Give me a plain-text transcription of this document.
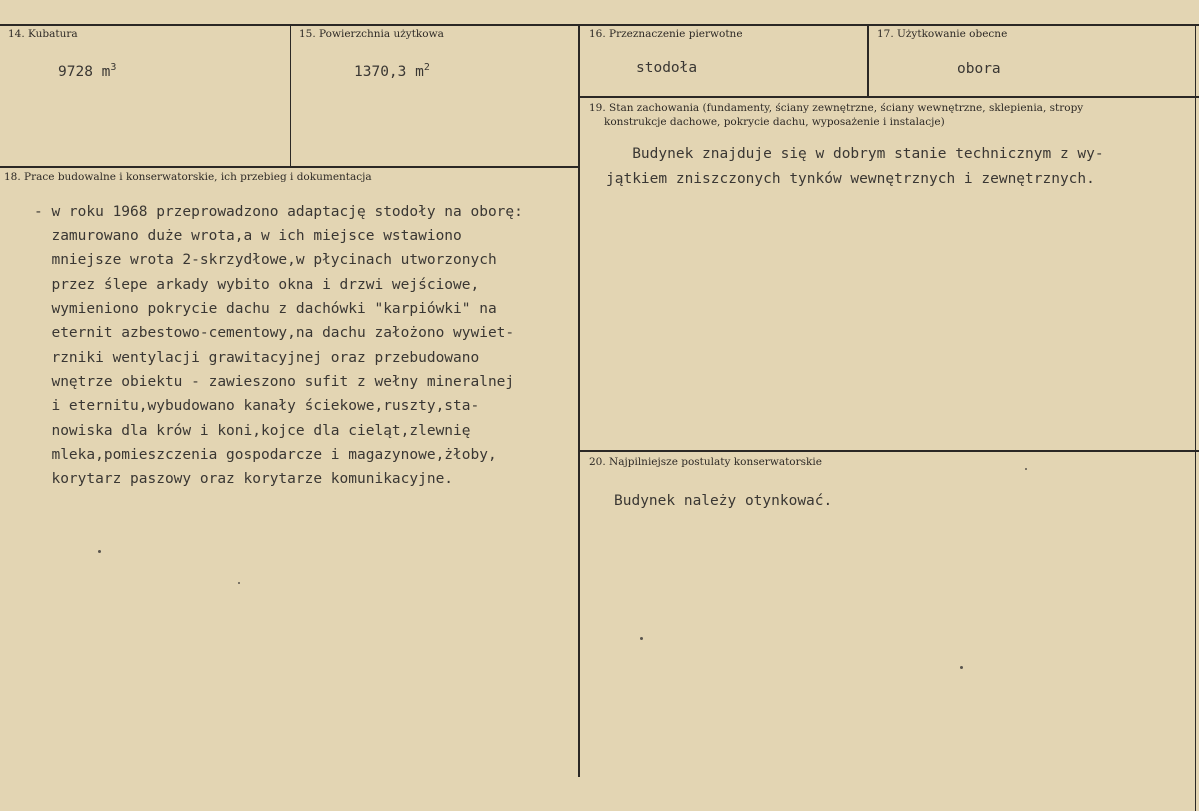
14. Kubatura
9728 $m^3$
15. Powierzchnia użytkowa
1370,3 $m^2$
16. Przeznaczenie pierwotne
stodoła
17. Użytkowanie obecne
obora
18. Prace budowalne i konserwatorskie, ich przebieg i dokumentacja
- w roku 1968 przeprowadzono adaptację stodoły na oborę:
zamurowano duże wrota,a w ich miejsce wstawiono
mniejsze wrota 2-skrzydłowe,w płycinach utworzonych
przez ślepe arkady wybito okna i drzwi wejściowe,
wymieniono pokrycie dachu z dachówki "karpiówki" na
eternit azbestowo-cementowy,na dachu założono wywiet-
rzniki wentylacji grawitacyjnej oraz przebudowano
wnętrze obiektu - zawieszono sufit z wełny mineralnej
i eternitu,wybudowano kanały ściekowe,ruszty,sta-
nowiska dla krów i koni,kojce dla cieląt,zlewnię
mleka,pomieszczenia gospodarcze i magazynowe,żłoby,
korytarz paszowy oraz korytarze komunikacyjne.
19. Stan zachowania (fundamenty, ściany zewnętrzne, ściany wewnętrzne, sklepienia, stropy
konstrukcje dachowe, pokrycie dachu, wyposażenie i instalacje)
Budynek znajduje się w dobrym stanie technicznym z wy-
jątkiem zniszczonych tynków wewnętrznych i zewnętrznych.
20. Najpilniejsze postulaty konserwatorskie
Budynek należy otynkować.
